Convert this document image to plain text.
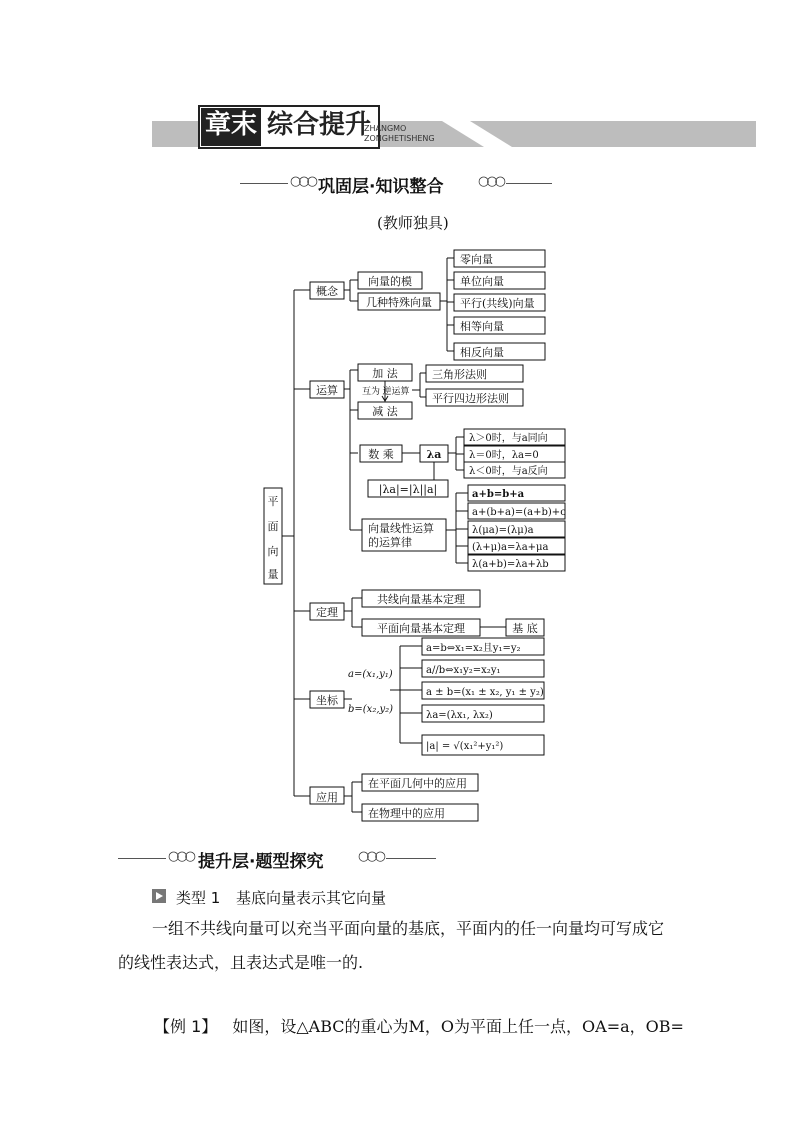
章末 综合提升
ZHANGMO
ZONGHETISHENG
○○○ 巩固层·知识整合	○○○
(教师独具)
平
面
向
量
概念
向量的模
几种特殊向量
零向量
单位向量
平行(共线)向量
相等向量
相反向量
运算
加 法
互为 逆运算
减 法
三角形法则
平行四边形法则
数 乘	λa
λ＞0时，与a同向
λ＝0时，λa=0
λ＜0时，与a反向
|λa|=|λ||a|
向量线性运算
的运算律
a+b=b+a
a+(b+a)=(a+b)+c
λ(μa)=(λμ)a
(λ+μ)a=λa+μa
λ(a+b)=λa+λb
定理
共线向量基本定理
平面向量基本定理	基 底
坐标
a=(x₁,y₁)
b=(x₂,y₂)
a=b⇔x₁=x₂且y₁=y₂
a//b⇔x₁y₂=x₂y₁
a ± b=(x₁ ± x₂, y₁ ± y₂)
λa=(λx₁, λx₂)
|a| = √(x₁²+y₁²)
应用
在平面几何中的应用
在物理中的应用
○○○ 提升层·题型探究	○○○
类型 1 基底向量表示其它向量
一组不共线向量可以充当平面向量的基底，平面内的任一向量均可写成它的线性表达式，且表达式是唯一的.
【例 1】 如图，设△ABC的重心为M，O为平面上任一点，OA=a，OB=
